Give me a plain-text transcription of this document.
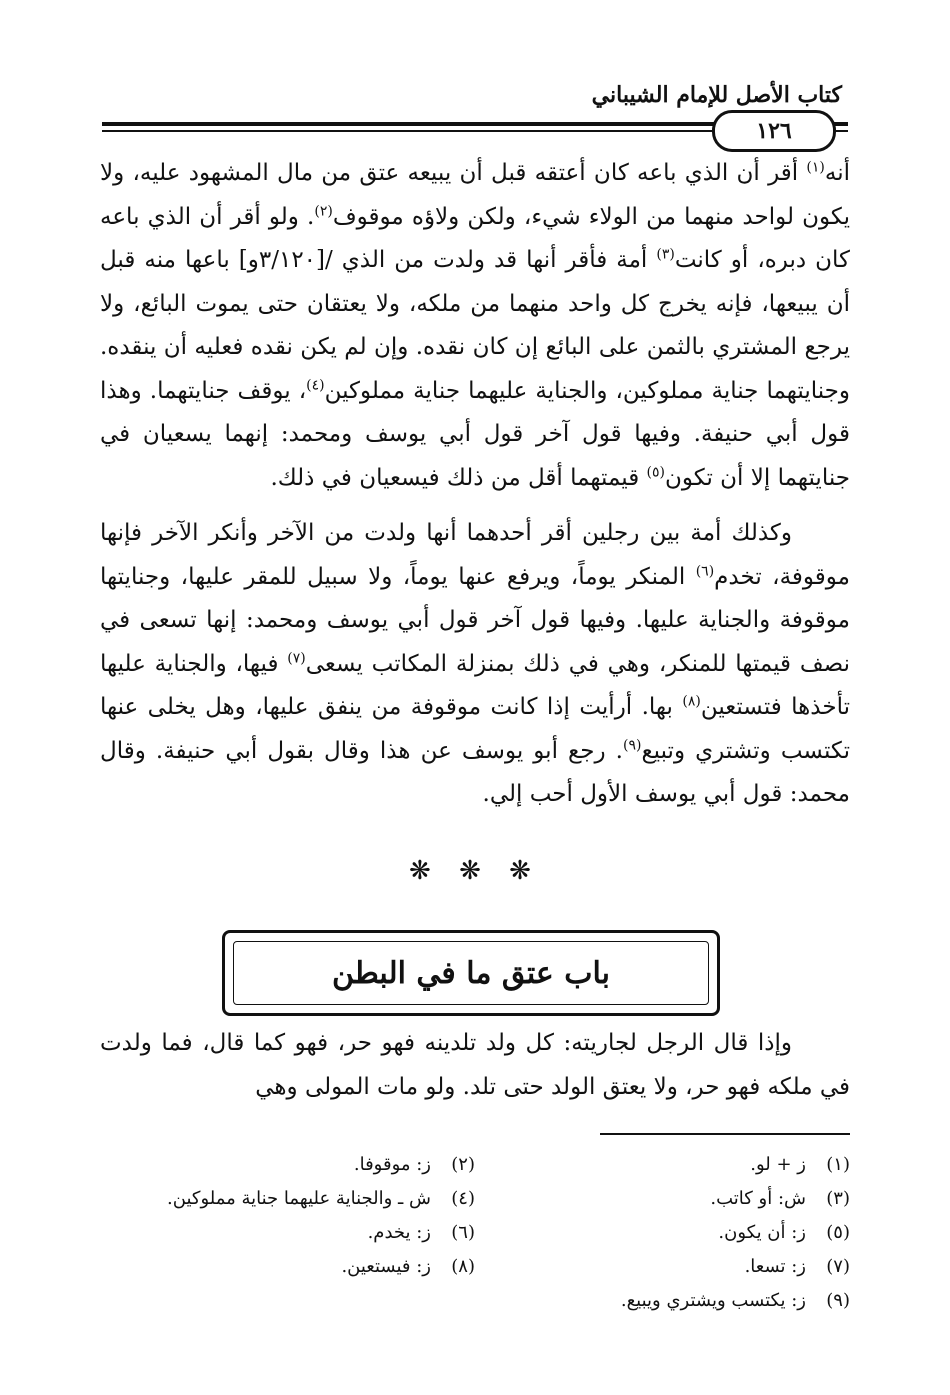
كتاب الأصل للإمام الشيباني
١٢٦

أنه$^{(١)}$ أقر أن الذي باعه كان أعتقه قبل أن يبيعه عتق من مال المشهود عليه، ولا يكون لواحد منهما من الولاء شيء، ولكن ولاؤه موقوف$^{(٢)}$. ولو أقر أن الذي باعه كان دبره، أو كانت$^{(٣)}$ أمة فأقر أنها قد ولدت من الذي /[٣/١٢٠و] باعها منه قبل أن يبيعها، فإنه يخرج كل واحد منهما من ملكه، ولا يعتقان حتى يموت البائع، ولا يرجع المشتري بالثمن على البائع إن كان نقده. وإن لم يكن نقده فعليه أن ينقده. وجنايتهما جناية مملوكين، والجناية عليهما جناية مملوكين$^{(٤)}$، يوقف جنايتهما. وهذا قول أبي حنيفة. وفيها قول آخر قول أبي يوسف ومحمد: إنهما يسعيان في جنايتهما إلا أن تكون$^{(٥)}$ قيمتهما أقل من ذلك فيسعيان في ذلك.

وكذلك أمة بين رجلين أقر أحدهما أنها ولدت من الآخر وأنكر الآخر فإنها موقوفة، تخدم$^{(٦)}$ المنكر يوماً، ويرفع عنها يوماً، ولا سبيل للمقر عليها، وجنايتها موقوفة والجناية عليها. وفيها قول آخر قول أبي يوسف ومحمد: إنها تسعى في نصف قيمتها للمنكر، وهي في ذلك بمنزلة المكاتب يسعى$^{(٧)}$ فيها، والجناية عليها تأخذها فتستعين$^{(٨)}$ بها. أرأيت إذا كانت موقوفة من ينفق عليها، وهل يخلى عنها تكتسب وتشتري وتبيع$^{(٩)}$. رجع أبو يوسف عن هذا وقال بقول أبي حنيفة. وقال محمد: قول أبي يوسف الأول أحب إلي.

❋ ❋ ❋
باب عتق ما في البطن

وإذا قال الرجل لجاريته: كل ولد تلدينه فهو حر، فهو كما قال، فما ولدت في ملكه فهو حر، ولا يعتق الولد حتى تلد. ولو مات المولى وهي

(١)ز + لو.
(٢)ز: موقوفا.
(٣)ش: أو كاتب.
(٤)ش ـ والجناية عليهما جناية مملوكين.
(٥)ز: أن يكون.
(٦)ز: يخدم.
(٧)ز: تسعا.
(٨)ز: فيستعين.
(٩)ز: يكتسب ويشتري ويبيع.
